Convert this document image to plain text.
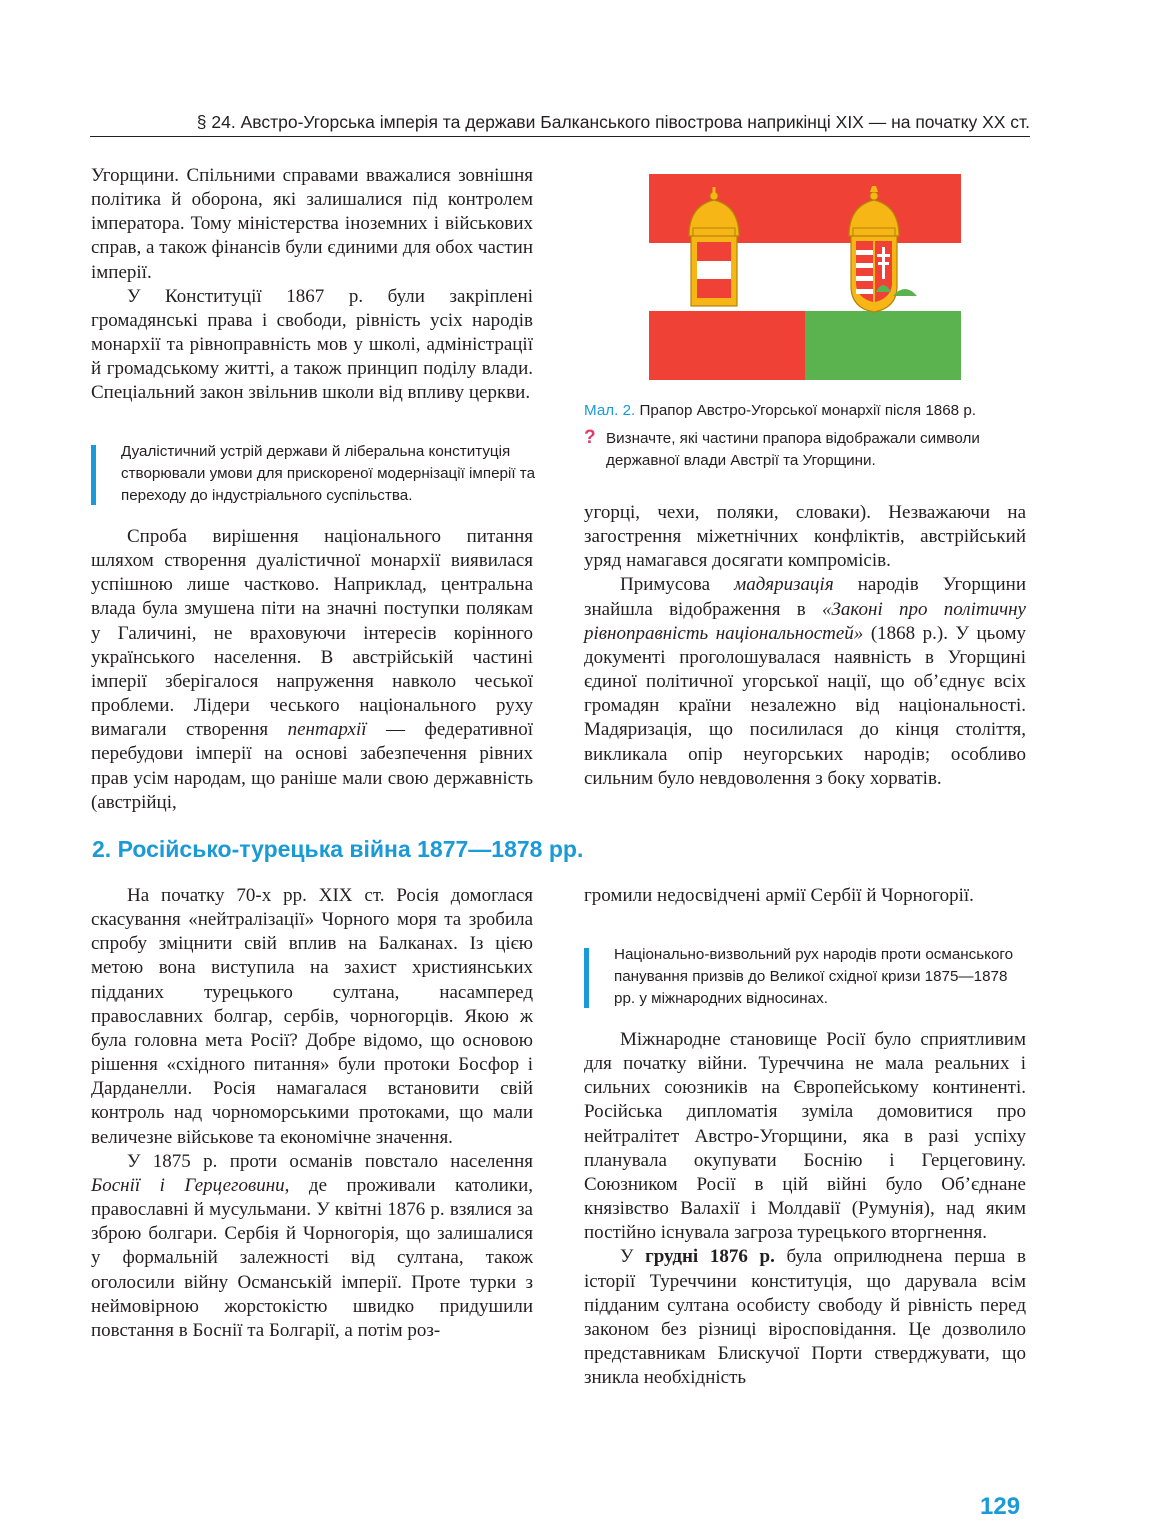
§ 24. Австро-Угорська імперія та держави Балканського півострова наприкінці XIX — на початку XX ст.

Угорщини. Спільними справами вважалися зовнішня політика й оборона, які залишалися під контролем імператора. Тому міністерства іноземних і військових справ, а також фінансів були єдиними для обох частин імперії.

У Конституції 1867 р. були закріплені громадянські права і свободи, рівність усіх народів монархії та рівноправність мов у школі, адміністрації й громадському житті, а також принцип поділу влади. Спеціальний закон звільнив школи від впливу церкви.

Дуалістичний устрій держави й ліберальна конституція створювали умови для прискореної модернізації імперії та переходу до індустріального суспільства.

Спроба вирішення національного питання шляхом створення дуалістичної монархії виявилася успішною лише частково. Наприклад, центральна влада була змушена піти на значні поступки полякам у Галичині, не враховуючи інтересів корінного українського населення. В австрійській частині імперії зберігалося напруження навколо чеської проблеми. Лідери чеського національного руху вимагали створення пентархії — федеративної перебудови імперії на основі забезпечення рівних прав усім народам, що раніше мали свою державність (австрійці,

Мал. 2. Прапор Австро-Угорської монархії після 1868 р.
? Визначте, які частини прапора відображали символи державної влади Австрії та Угорщини.

угорці, чехи, поляки, словаки). Незважаючи на загострення міжетнічних конфліктів, австрійський уряд намагався досягати компромісів.

Примусова мадяризація народів Угорщини знайшла відображення в «Законі про політичну рівноправність національностей» (1868 р.). У цьому документі проголошувалася наявність в Угорщині єдиної політичної угорської нації, що об’єднує всіх громадян країни незалежно від національності. Мадяризація, що посилилася до кінця століття, викликала опір неугорських народів; особливо сильним було невдоволення з боку хорватів.

2. Російсько-турецька війна 1877—1878 рр.

На початку 70-х рр. XIX ст. Росія домоглася скасування «нейтралізації» Чорного моря та зробила спробу зміцнити свій вплив на Балканах. Із цією метою вона виступила на захист християнських підданих турецького султана, насамперед православних болгар, сербів, чорногорців. Якою ж була головна мета Росії? Добре відомо, що основою рішення «східного питання» були протоки Босфор і Дарданелли. Росія намагалася встановити свій контроль над чорноморськими протоками, що мали величезне військове та економічне значення.

У 1875 р. проти османів повстало населення Боснії і Герцеговини, де проживали католики, православні й мусульмани. У квітні 1876 р. взялися за зброю болгари. Сербія й Чорногорія, що залишалися у формальній залежності від султана, також оголосили війну Османській імперії. Проте турки з неймовірною жорстокістю швидко придушили повстання в Боснії та Болгарії, а потім роз-

громили недосвідчені армії Сербії й Чорногорії.

Національно-визвольний рух народів проти османського панування призвів до Великої східної кризи 1875—1878 рр. у міжнародних відносинах.

Міжнародне становище Росії було сприятливим для початку війни. Туреччина не мала реальних і сильних союзників на Європейському континенті. Російська дипломатія зуміла домовитися про нейтралітет Австро-Угорщини, яка в разі успіху планувала окупувати Боснію і Герцеговину. Союзником Росії в цій війні було Об’єднане князівство Валахії і Молдавії (Румунія), над яким постійно існувала загроза турецького вторгнення.

У грудні 1876 р. була оприлюднена перша в історії Туреччини конституція, що дарувала всім підданим султана особисту свободу й рівність перед законом без різниці віросповідання. Це дозволило представникам Блискучої Порти стверджувати, що зникла необхідність

129
